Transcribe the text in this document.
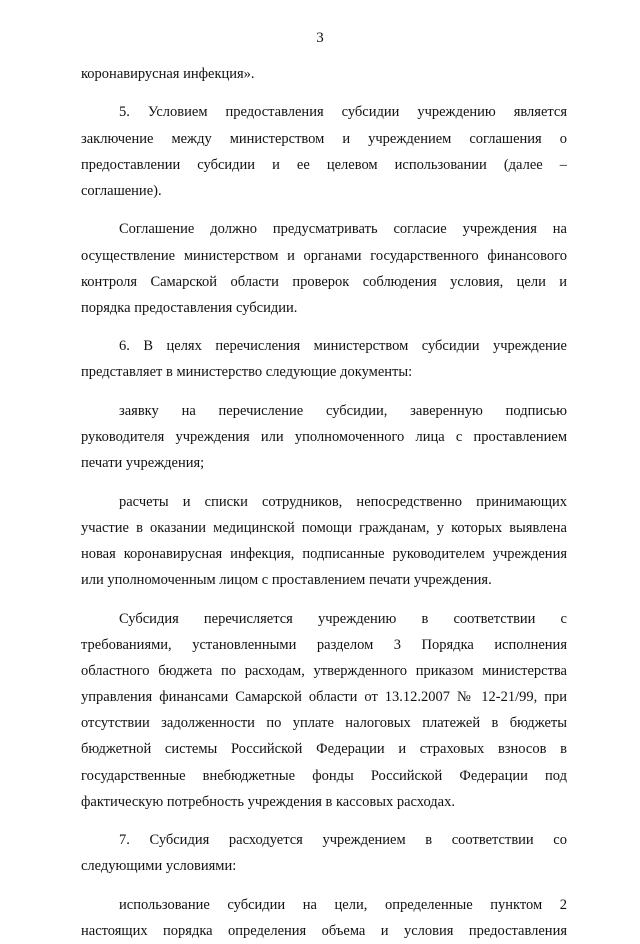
3
коронавирусная инфекция».
5. Условием предоставления субсидии учреждению является
заключение между министерством и учреждением соглашения о
предоставлении субсидии и ее целевом использовании (далее –
соглашение).
Соглашение должно предусматривать согласие учреждения на
осуществление министерством и органами государственного финансового
контроля Самарской области проверок соблюдения условия, цели и
порядка предоставления субсидии.
6. В целях перечисления министерством субсидии учреждение
представляет в министерство следующие документы:
заявку на перечисление субсидии, заверенную подписью
руководителя учреждения или уполномоченного лица с проставлением
печати учреждения;
расчеты и списки сотрудников, непосредственно принимающих
участие в оказании медицинской помощи гражданам, у которых выявлена
новая коронавирусная инфекция, подписанные руководителем учреждения
или уполномоченным лицом с проставлением печати учреждения.
Субсидия перечисляется учреждению в соответствии с
требованиями, установленными разделом 3 Порядка исполнения
областного бюджета по расходам, утвержденного приказом министерства
управления финансами Самарской области от 13.12.2007 № 12-21/99, при
отсутствии задолженности по уплате налоговых платежей в бюджеты
бюджетной системы Российской Федерации и страховых взносов в
государственные внебюджетные фонды Российской Федерации под
фактическую потребность учреждения в кассовых расходах.
7. Субсидия расходуется учреждением в соответствии со
следующими условиями:
использование субсидии на цели, определенные пунктом 2
настоящих порядка определения объема и условия предоставления
